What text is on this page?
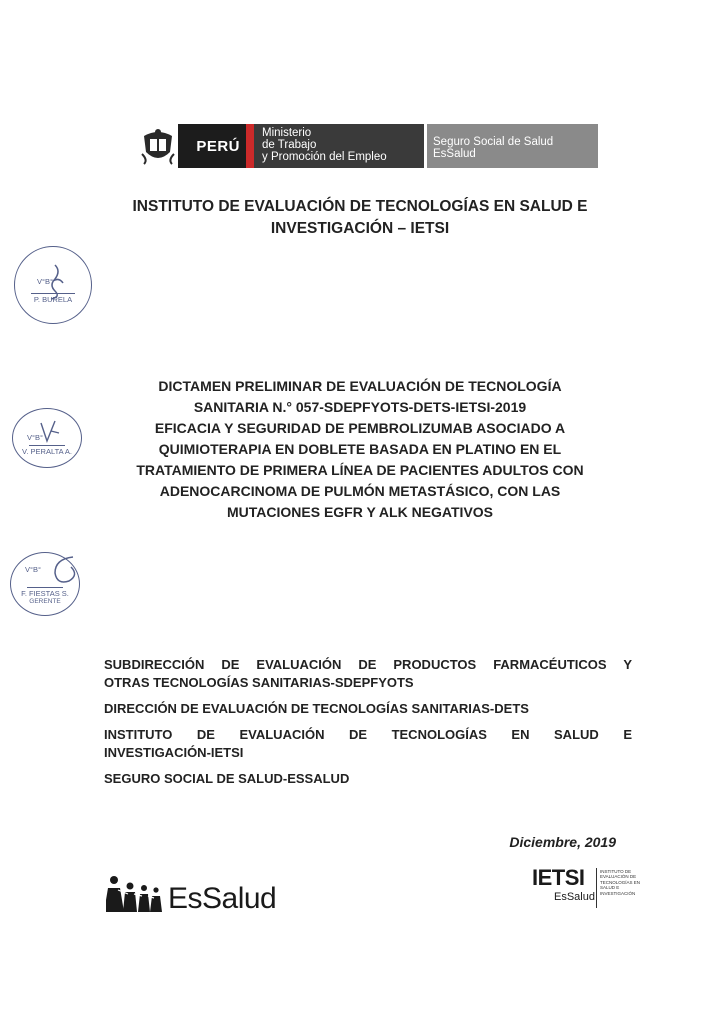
PERÚ
Ministerio
de Trabajo
y Promoción del Empleo
Seguro Social de Salud
EsSalud
INSTITUTO DE EVALUACIÓN DE TECNOLOGÍAS EN SALUD E
INVESTIGACIÓN – IETSI
V°B°
P. BURELA
V°B°
V. PERALTA A.
V°B°
F. FIESTAS S.
GERENTE
DICTAMEN PRELIMINAR DE EVALUACIÓN DE TECNOLOGÍA
SANITARIA N.° 057-SDEPFYOTS-DETS-IETSI-2019
EFICACIA Y SEGURIDAD DE PEMBROLIZUMAB ASOCIADO A
QUIMIOTERAPIA EN DOBLETE BASADA EN PLATINO EN EL
TRATAMIENTO DE PRIMERA LÍNEA DE PACIENTES ADULTOS CON
ADENOCARCINOMA DE PULMÓN METASTÁSICO, CON LAS
MUTACIONES EGFR Y ALK NEGATIVOS
SUBDIRECCIÓN DE EVALUACIÓN DE PRODUCTOS FARMACÉUTICOS Y
OTRAS TECNOLOGÍAS SANITARIAS-SDEPFYOTS
DIRECCIÓN DE EVALUACIÓN DE TECNOLOGÍAS SANITARIAS-DETS
INSTITUTO DE EVALUACIÓN DE TECNOLOGÍAS EN SALUD E
INVESTIGACIÓN-IETSI
SEGURO SOCIAL DE SALUD-ESSALUD
Diciembre, 2019
EsSalud
IETSI
EsSalud
INSTITUTO DE
EVALUACIÓN DE
TECNOLOGÍAS EN
SALUD E
INVESTIGACIÓN
